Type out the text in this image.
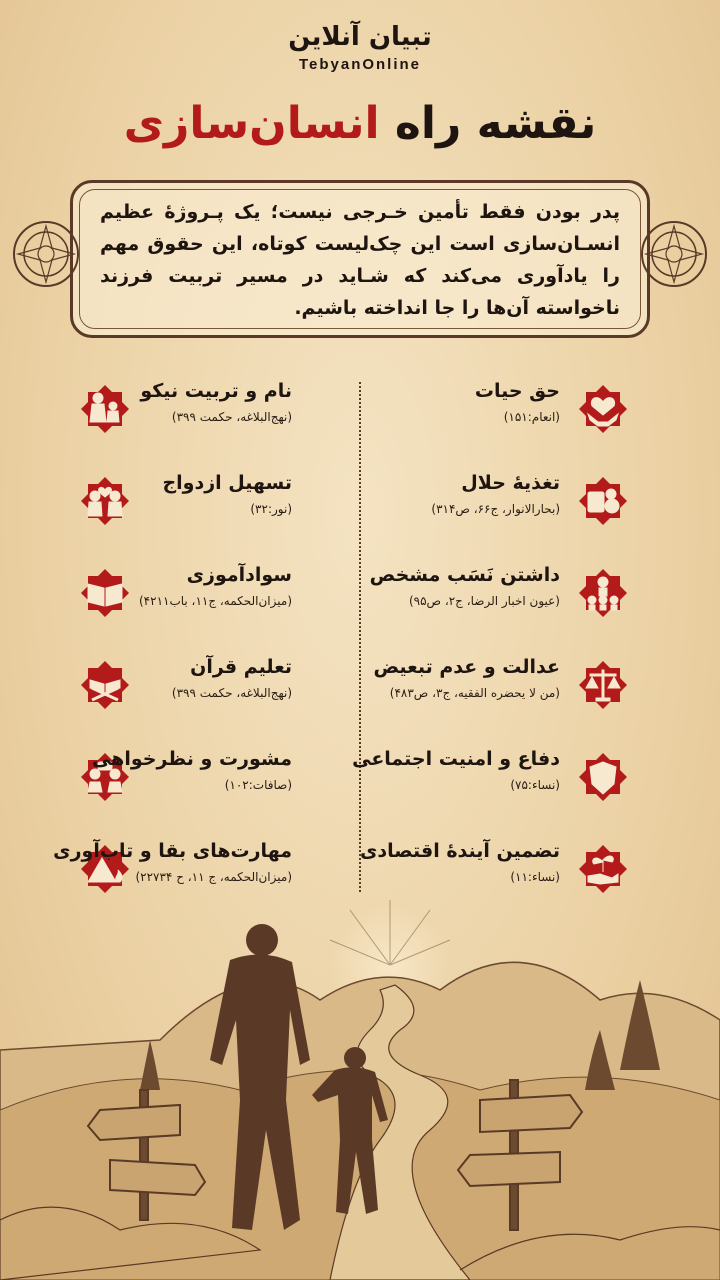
تبیان آنلاین
TebyanOnline
نقشه راه انسان‌سازی
پدر بودن فقط تأمین خـرجی نیست؛ یک پـروژۀ عظیم انسـان‌سازی است این چک‌لیست کوتاه، این حقوق مهم را یادآوری می‌کند که شـاید در مسیر تربیت فرزند ناخواسته آن‌ها را جا انداخته باشیم.
حق حیات
(انعام:۱۵۱)
تغذیۀ حلال
(بحارالانوار، ج۶۶، ص۳۱۴)
داشتن نَسَب مشخص
(عیون اخبار الرضا، ج۲، ص۹۵)
عدالت و عدم تبعیض
(من لا یحضره الفقیه، ج۳، ص۴۸۳)
دفاع و امنیت اجتماعی
(نساء:۷۵)
تضمین آیندۀ اقتصادی
(نساء:۱۱)
نام و تربیت نیکو
(نهج‌البلاغه، حکمت ۳۹۹)
تسهیل ازدواج
(نور:۳۲)
سوادآموزی
(میزان‌الحکمه، ج۱۱، باب۴۲۱۱)
تعلیم قرآن
(نهج‌البلاغه، حکمت ۳۹۹)
مشورت و نظرخواهی
(صافات:۱۰۲)
مهارت‌های بقا و تاب‌آوری
(میزان‌الحکمه، ج ۱۱، ح ۲۲۷۳۴)
